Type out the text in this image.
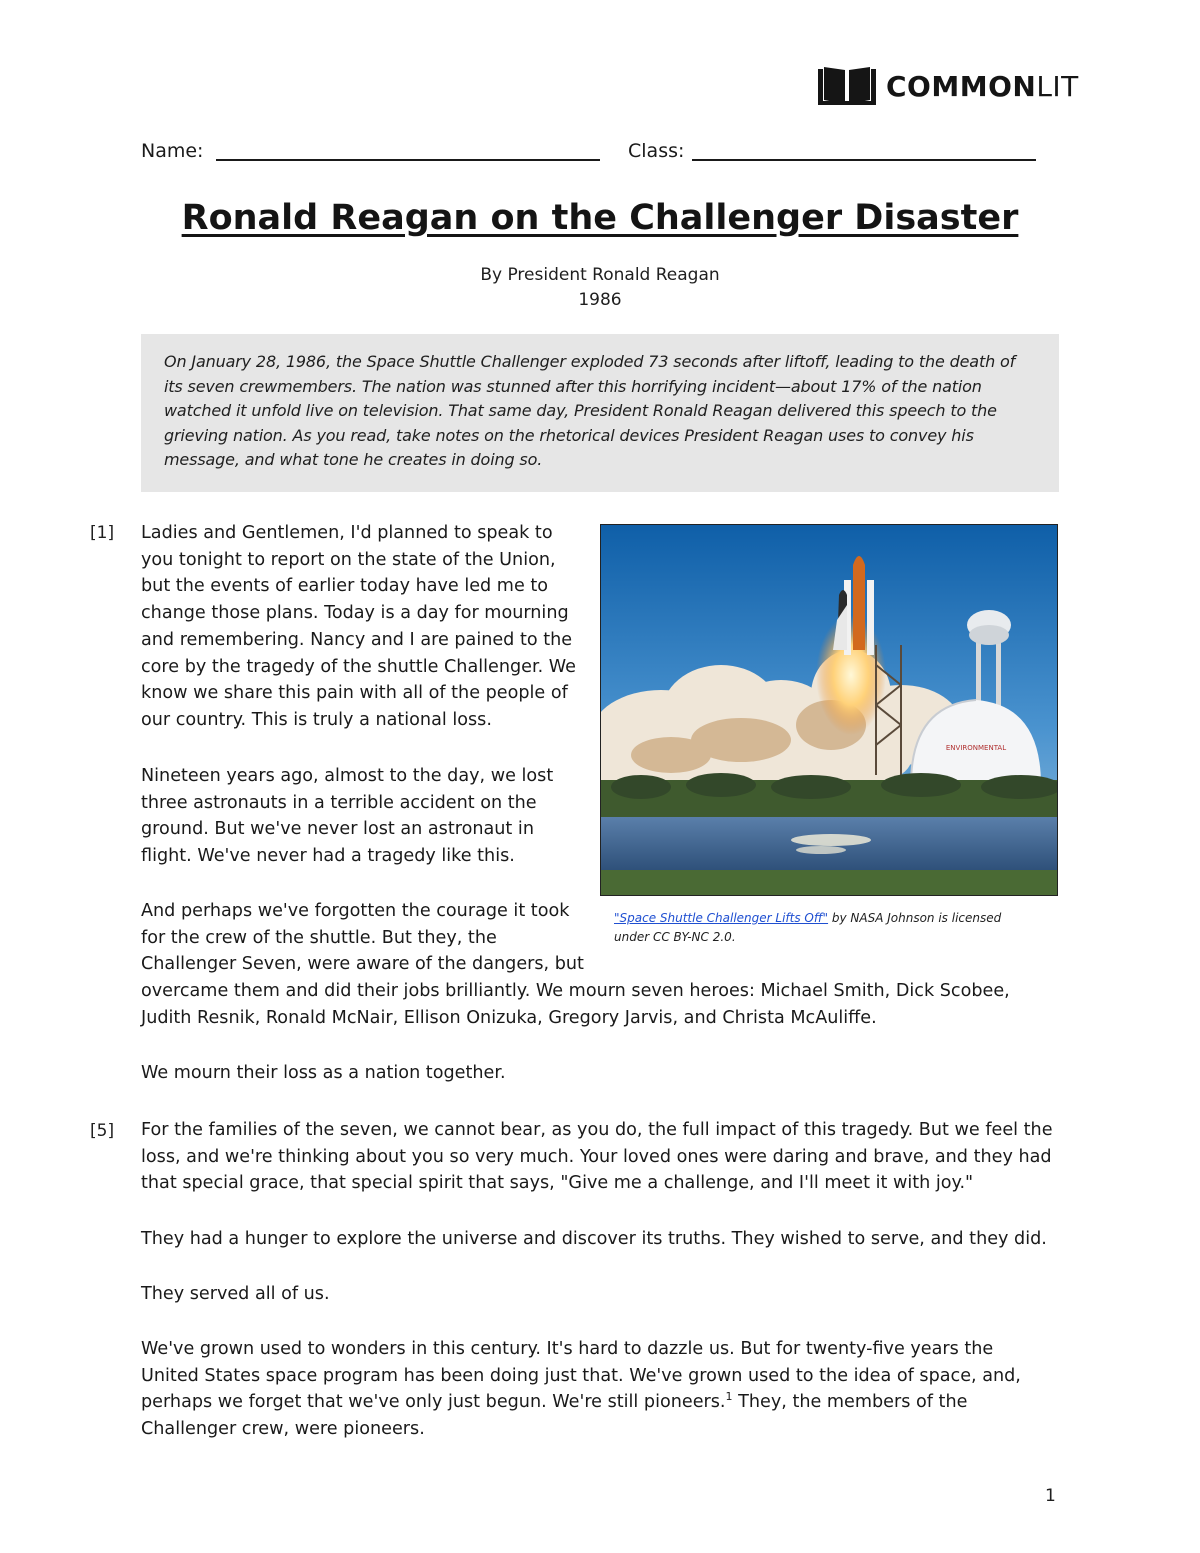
COMMONLIT
Name:	Class:
Ronald Reagan on the Challenger Disaster
By President Ronald Reagan
1986

On January 28, 1986, the Space Shuttle Challenger exploded 73 seconds after liftoff, leading to the death of

its seven crewmembers. The nation was stunned after this horrifying incident—about 17% of the nation

watched it unfold live on television. That same day, President Ronald Reagan delivered this speech to the

grieving nation. As you read, take notes on the rhetorical devices President Reagan uses to convey his

message, and what tone he creates in doing so.

[1] Ladies and Gentlemen, I'd planned to speak to
you tonight to report on the state of the Union,
but the events of earlier today have led me to
change those plans. Today is a day for mourning
and remembering. Nancy and I are pained to the
core by the tragedy of the shuttle Challenger. We
know we share this pain with all of the people of
our country. This is truly a national loss.
Nineteen years ago, almost to the day, we lost
three astronauts in a terrible accident on the
ground. But we've never lost an astronaut in
flight. We've never had a tragedy like this.
And perhaps we've forgotten the courage it took
for the crew of the shuttle. But they, the
Challenger Seven, were aware of the dangers, but
overcame them and did their jobs brilliantly. We mourn seven heroes: Michael Smith, Dick Scobee,
Judith Resnik, Ronald McNair, Ellison Onizuka, Gregory Jarvis, and Christa McAuliffe.
We mourn their loss as a nation together.
[5] For the families of the seven, we cannot bear, as you do, the full impact of this tragedy. But we feel the
loss, and we're thinking about you so very much. Your loved ones were daring and brave, and they had
that special grace, that special spirit that says, "Give me a challenge, and I'll meet it with joy."
They had a hunger to explore the universe and discover its truths. They wished to serve, and they did.
They served all of us.
We've grown used to wonders in this century. It's hard to dazzle us. But for twenty-five years the
United States space program has been doing just that. We've grown used to the idea of space, and,
perhaps we forget that we've only just begun. We're still pioneers.$^1$ They, the members of the
Challenger crew, were pioneers.
ENVIRONMENTAL
"Space Shuttle Challenger Lifts Off" by NASA Johnson is licensed
under CC BY-NC 2.0.
1
